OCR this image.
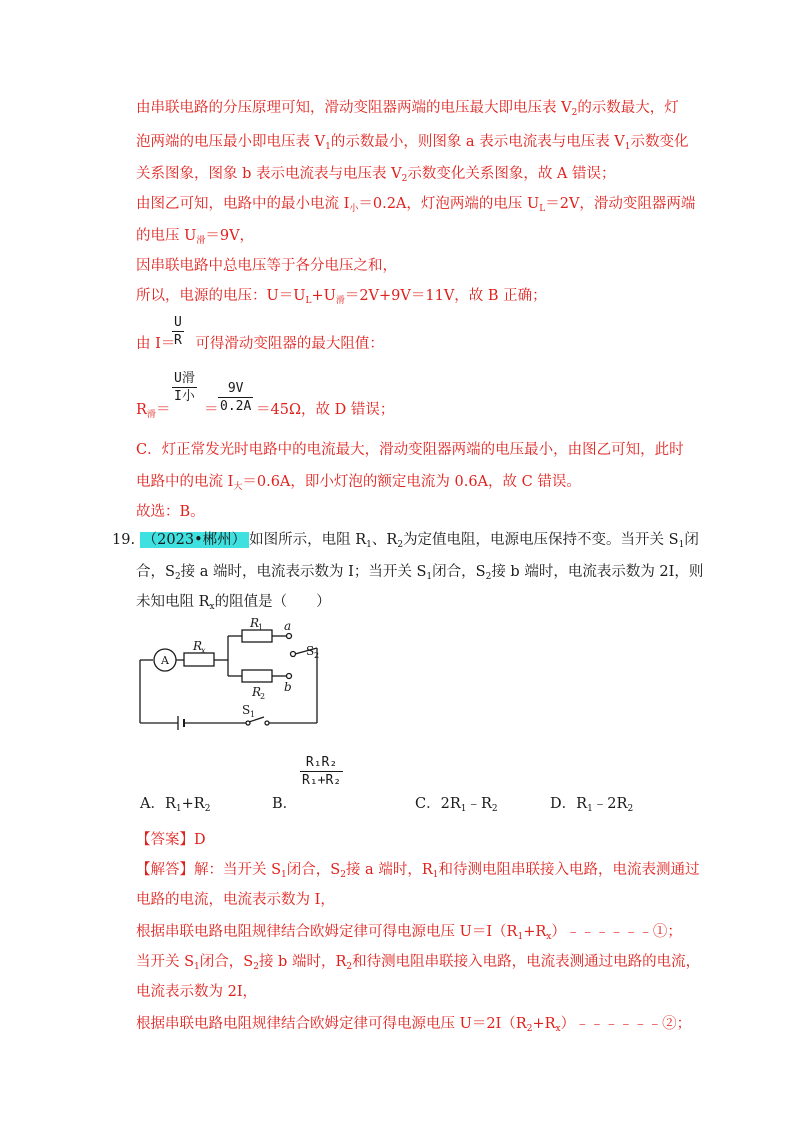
由串联电路的分压原理可知，滑动变阻器两端的电压最大即电压表 $V_2$的示数最大，灯
泡两端的电压最小即电压表 $V_1$的示数最小，则图象 a 表示电流表与电压表 $V_1$示数变化
关系图象，图象 b 表示电流表与电压表 $V_2$示数变化关系图象，故 A 错误；
由图乙可知，电路中的最小电流 $I_小=0.2A$，灯泡两端的电压 $U_L=2V$，滑动变阻器两端
的电压 $U_滑=9V$，
因串联电路中总电压等于各分电压之和，
所以，电源的电压：$U=U_L+U_滑=2V+9V=11V$，故 B 正确；
由 I＝ 可得滑动变阻器的最大阻值：
U
R
$R_滑=$
U滑
I小
＝
9V
0.2A ＝45Ω，故 D 错误；
C．灯正常发光时电路中的电流最大，滑动变阻器两端的电压最小，由图乙可知，此时
电路中的电流 $I_大=0.6A$，即小灯泡的额定电流为 0.6A，故 C 错误。
故选：B。
19. （2023•郴州） 如图所示，电阻 $R_1$、$R_2$为定值电阻，电源电压保持不变。当开关 $S_1$闭
合，$S_2$接 a 端时，电流表示数为 I；当开关 $S_1$闭合，$S_2$接 b 端时，电流表示数为 2I，则
未知电阻 $R_x$的阻值是（　　）
A
R
x
R
1
R
2
a
b
S 2
S 1
A．$R_1+R_2$	B．
R₁R₂
R₁+R₂
C．$2R_1﹣R_2$	D．$R_1﹣2R_2$
【答案】D
【解答】解：当开关 $S_1$闭合，$S_2$接 a 端时，$R_1$和待测电阻串联接入电路，电流表测通过
电路的电流，电流表示数为 I，
根据串联电路电阻规律结合欧姆定律可得电源电压 $U=I(R_1+R_x)﹣﹣﹣﹣﹣﹣①$；
当开关 $S_1$闭合，$S_2$接 b 端时，$R_2$和待测电阻串联接入电路，电流表测通过电路的电流，
电流表示数为 2I，
根据串联电路电阻规律结合欧姆定律可得电源电压 $U=2I(R_2+R_x)﹣﹣﹣﹣﹣﹣②$；
